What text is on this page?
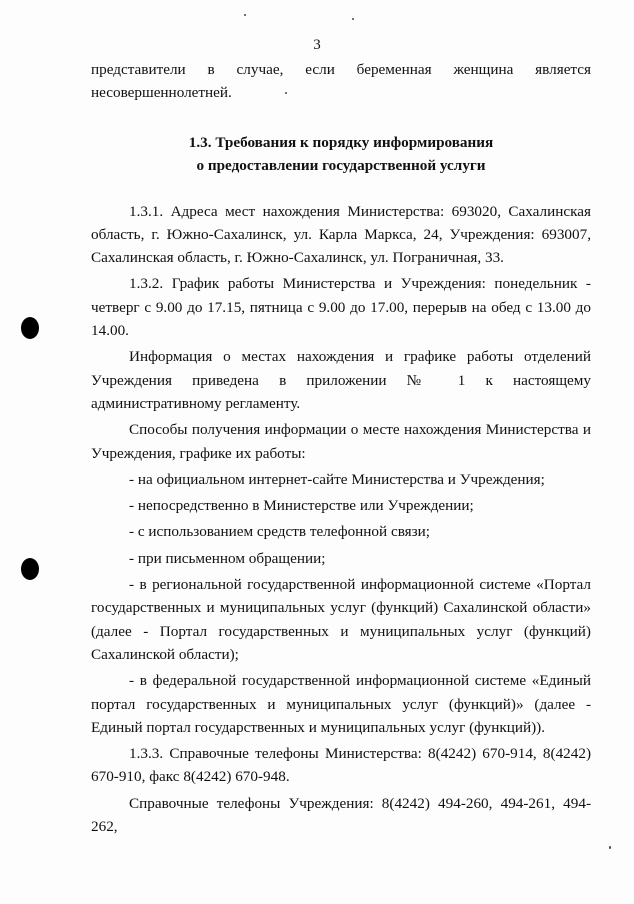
3

представители в случае, если беременная женщина является несовершеннолетней.

1.3. Требования к порядку информирования
о предоставлении государственной услуги

1.3.1. Адреса мест нахождения Министерства: 693020, Сахалинская область, г. Южно-Сахалинск, ул. Карла Маркса, 24, Учреждения: 693007, Сахалинская область, г. Южно-Сахалинск, ул. Пограничная, 33.

1.3.2. График работы Министерства и Учреждения: понедельник - четверг с 9.00 до 17.15, пятница с 9.00 до 17.00, перерыв на обед с 13.00 до 14.00.

Информация о местах нахождения и графике работы отделений Учреждения приведена в приложении № 1 к настоящему административному регламенту.

Способы получения информации о месте нахождения Министерства и Учреждения, графике их работы:

- на официальном интернет-сайте Министерства и Учреждения;

- непосредственно в Министерстве или Учреждении;

- с использованием средств телефонной связи;

- при письменном обращении;

- в региональной государственной информационной системе «Портал государственных и муниципальных услуг (функций) Сахалинской области» (далее - Портал государственных и муниципальных услуг (функций) Сахалинской области);

- в федеральной государственной информационной системе «Единый портал государственных и муниципальных услуг (функций)» (далее - Единый портал государственных и муниципальных услуг (функций)).

1.3.3. Справочные телефоны Министерства: 8(4242) 670-914, 8(4242) 670-910, факс 8(4242) 670-948.

Справочные телефоны Учреждения: 8(4242) 494-260, 494-261, 494-262,
